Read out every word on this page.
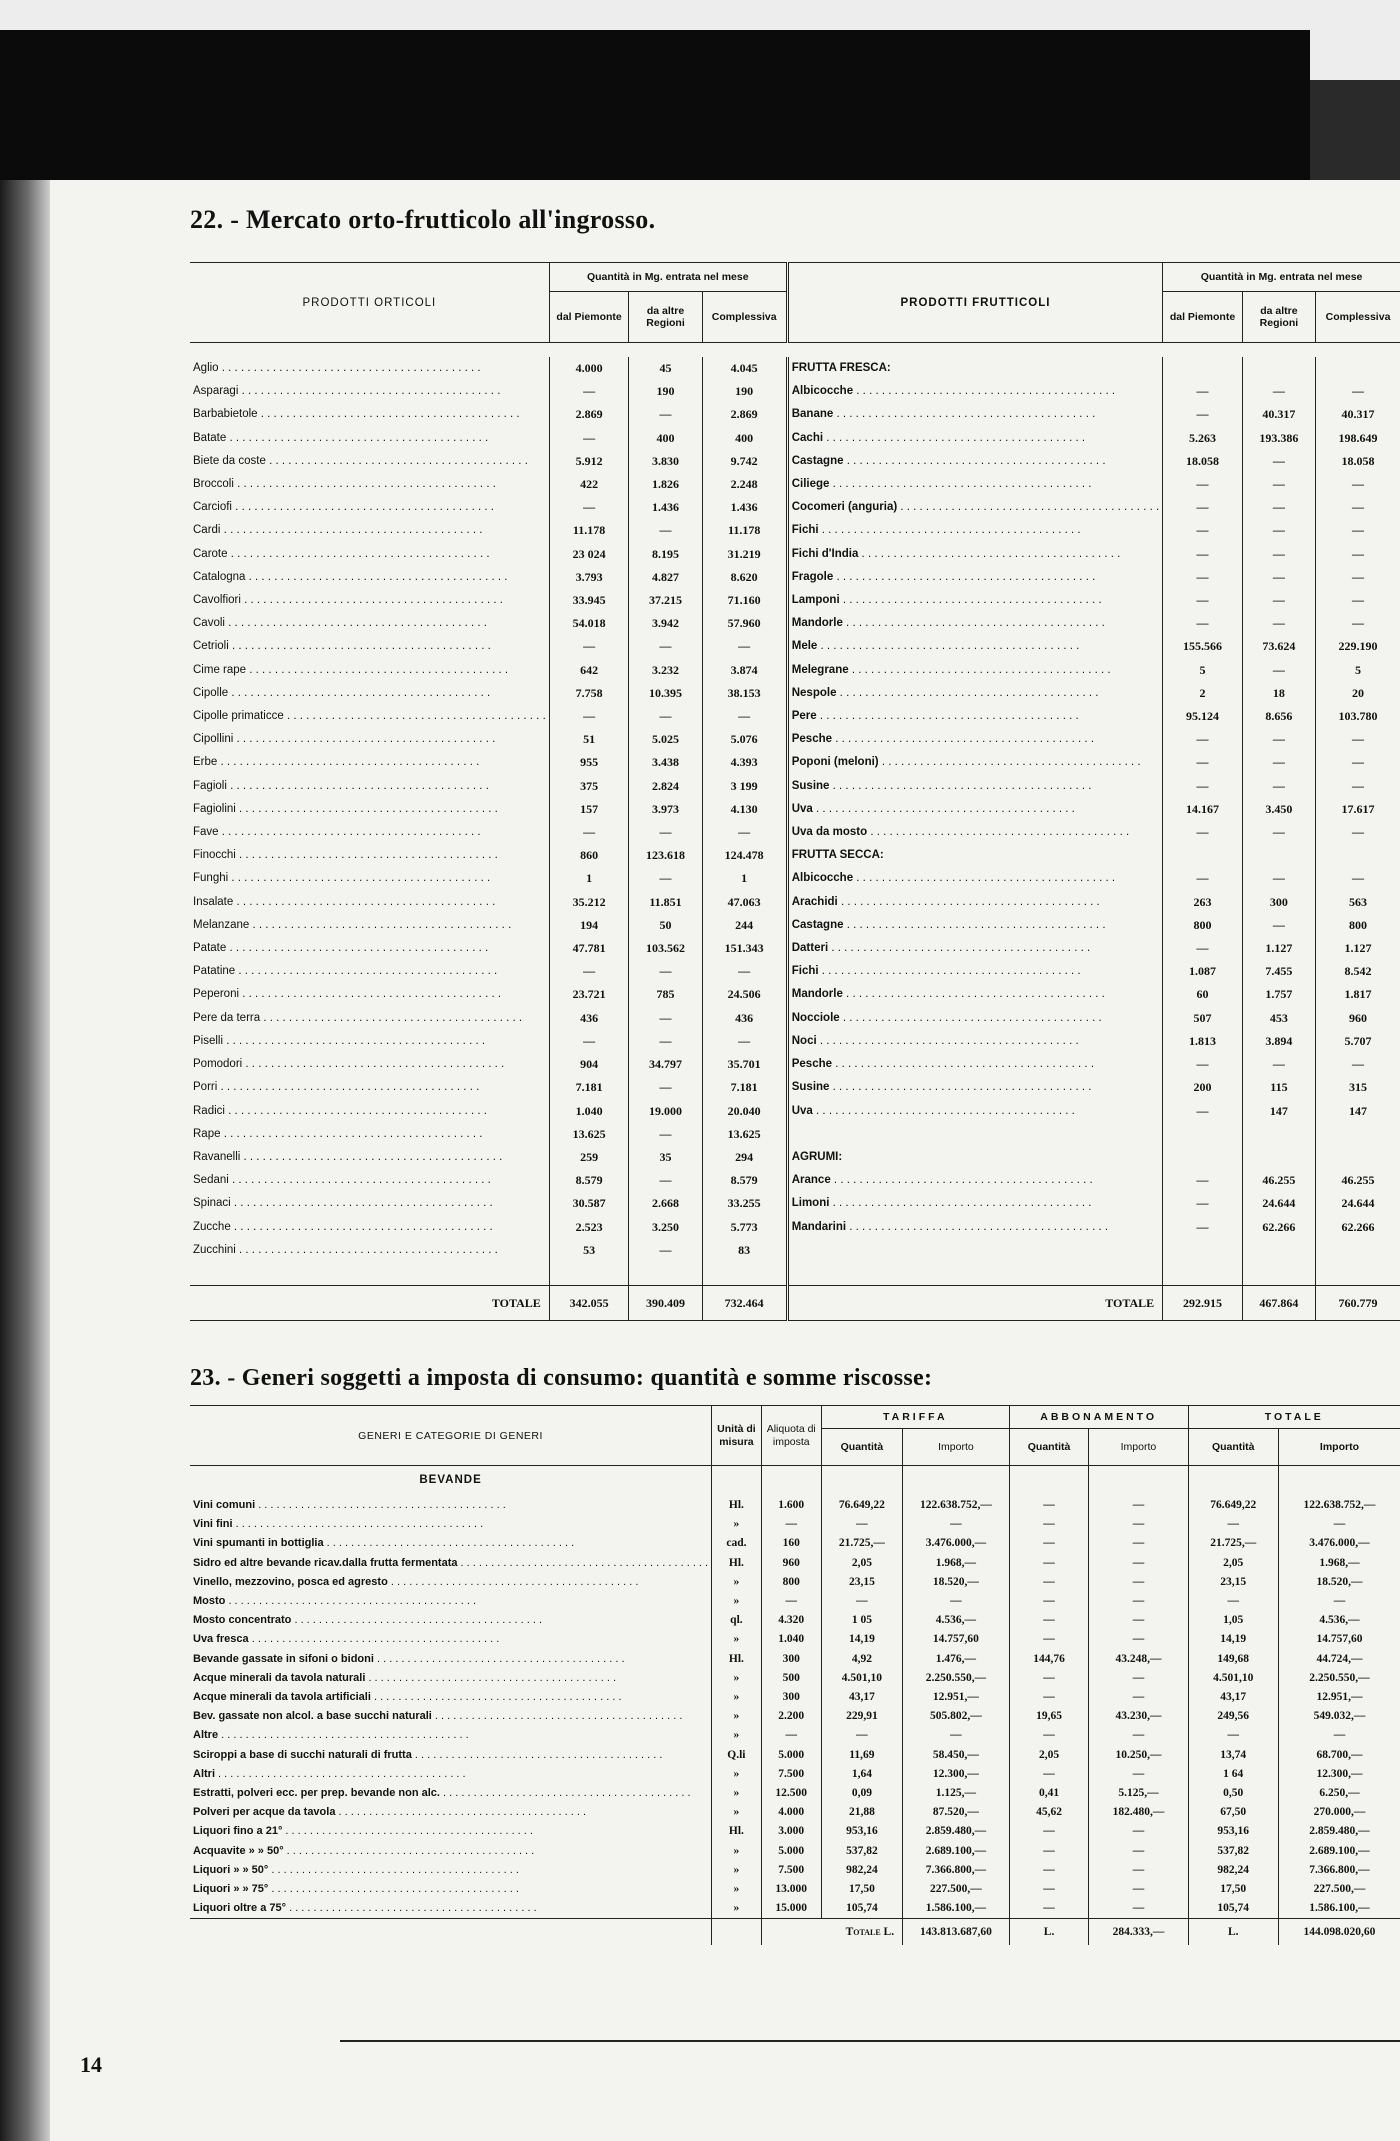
22. - Mercato orto-frutticolo all'ingrosso.
PRODOTTI ORTICOLI	Quantità in Mg. entrata nel mese			PRODOTTI FRUTTICOLI	Quantità in Mg. entrata nel mese		
	dal Piemonte	da altre Regioni	Complessiva		dal Piemonte	da altre Regioni	Complessiva

Aglio . . .	4.000	45	4.045	FRUTTA FRESCA:			
Asparagi . . .	—	190	190	Albicocche . . .	—	—	—
Barbabietole . . .	2.869	—	2.869	Banane . . .	—	40.317	40.317
Batate . . .	—	400	400	Cachi . . .	5.263	193.386	198.649
Biete da coste . . .	5.912	3.830	9.742	Castagne . . .	18.058	—	18.058
Broccoli . . .	422	1.826	2.248	Ciliege . . .	—	—	—
Carciofi . . .	—	1.436	1.436	Cocomeri (anguria) . . .	—	—	—
Cardi . . .	11.178	—	11.178	Fichi . . .	—	—	—
Carote . . .	23 024	8.195	31.219	Fichi d'India . . .	—	—	—
Catalogna . . .	3.793	4.827	8.620	Fragole . . .	—	—	—
Cavolfiori . . .	33.945	37.215	71.160	Lamponi . . .	—	—	—
Cavoli . . .	54.018	3.942	57.960	Mandorle . . .	—	—	—
Cetrioli . . .	—	—	—	Mele . . .	155.566	73.624	229.190
Cime rape . . .	642	3.232	3.874	Melegrane . . .	5	—	5
Cipolle . . .	7.758	10.395	38.153	Nespole . . .	2	18	20
Cipolle primaticce . . .	—	—	—	Pere . . .	95.124	8.656	103.780
Cipollini . . .	51	5.025	5.076	Pesche . . .	—	—	—
Erbe . . .	955	3.438	4.393	Poponi (meloni) . . .	—	—	—
Fagioli . . .	375	2.824	3 199	Susine . . .	—	—	—
Fagiolini . . .	157	3.973	4.130	Uva . . .	14.167	3.450	17.617
Fave . . .	—	—	—	Uva da mosto . . .	—	—	—
Finocchi . . .	860	123.618	124.478	FRUTTA SECCA:			
Funghi . . .	1	—	1	Albicocche . . .	—	—	—
Insalate . . .	35.212	11.851	47.063	Arachidi . . .	263	300	563
Melanzane . . .	194	50	244	Castagne . . .	800	—	800
Patate . . .	47.781	103.562	151.343	Datteri . . .	—	1.127	1.127
Patatine . . .	—	—	—	Fichi . . .	1.087	7.455	8.542
Peperoni . . .	23.721	785	24.506	Mandorle . . .	60	1.757	1.817
Pere da terra . . .	436	—	436	Nocciole . . .	507	453	960
Piselli . . .	—	—	—	Noci . . .	1.813	3.894	5.707
Pomodori . . .	904	34.797	35.701	Pesche . . .	—	—	—
Porri . . .	7.181	—	7.181	Susine . . .	200	115	315
Radici . . .	1.040	19.000	20.040	Uva . . .	—	147	147
Rape . . .	13.625	—	13.625				
Ravanelli . . .	259	35	294	AGRUMI:			
Sedani . . .	8.579	—	8.579	Arance . . .	—	46.255	46.255
Spinaci . . .	30.587	2.668	33.255	Limoni . . .	—	24.644	24.644
Zucche . . .	2.523	3.250	5.773	Mandarini . . .	—	62.266	62.266
Zucchini . . .	53	—	83				

TOTALE	342.055	390.409	732.464	TOTALE	292.915	467.864	760.779
23. - Generi soggetti a imposta di consumo: quantità e somme riscosse:
GENERI E CATEGORIE DI GENERI	Unità di misura	Aliquota di imposta	TARIFFA		ABBONAMENTO		TOTALE	
			Quantità	Importo	Quantità	Importo	Quantità	Importo
BEVANDE								
Vini comuni . . .	Hl.	1.600	76.649,22	122.638.752,—	—	—	76.649,22	122.638.752,—
Vini fini . . .	»	—	—	—	—	—	—	—
Vini spumanti in bottiglia . . .	cad.	160	21.725,—	3.476.000,—	—	—	21.725,—	3.476.000,—
Sidro ed altre bevande ricav.dalla frutta fermentata . . .	Hl.	960	2,05	1.968,—	—	—	2,05	1.968,—
Vinello, mezzovino, posca ed agresto . . .	»	800	23,15	18.520,—	—	—	23,15	18.520,—
Mosto . . .	»	—	—	—	—	—	—	—
Mosto concentrato . . .	ql.	4.320	1 05	4.536,—	—	—	1,05	4.536,—
Uva fresca . . .	»	1.040	14,19	14.757,60	—	—	14,19	14.757,60
Bevande gassate in sifoni o bidoni . . .	Hl.	300	4,92	1.476,—	144,76	43.248,—	149,68	44.724,—
Acque minerali da tavola naturali . . .	»	500	4.501,10	2.250.550,—	—	—	4.501,10	2.250.550,—
Acque minerali da tavola artificiali . . .	»	300	43,17	12.951,—	—	—	43,17	12.951,—
Bev. gassate non alcol. a base succhi naturali . . .	»	2.200	229,91	505.802,—	19,65	43.230,—	249,56	549.032,—
Altre . . .	»	—	—	—	—	—	—	—
Sciroppi a base di succhi naturali di frutta . . .	Q.li	5.000	11,69	58.450,—	2,05	10.250,—	13,74	68.700,—
Altri . . .	»	7.500	1,64	12.300,—	—	—	1 64	12.300,—
Estratti, polveri ecc. per prep. bevande non alc. . . .	»	12.500	0,09	1.125,—	0,41	5.125,—	0,50	6.250,—
Polveri per acque da tavola . . .	»	4.000	21,88	87.520,—	45,62	182.480,—	67,50	270.000,—
Liquori fino a 21° . . .	Hl.	3.000	953,16	2.859.480,—	—	—	953,16	2.859.480,—
Acquavite » » 50° . . .	»	5.000	537,82	2.689.100,—	—	—	537,82	2.689.100,—
Liquori » » 50° . . .	»	7.500	982,24	7.366.800,—	—	—	982,24	7.366.800,—
Liquori » » 75° . . .	»	13.000	17,50	227.500,—	—	—	17,50	227.500,—
Liquori oltre a 75° . . .	»	15.000	105,74	1.586.100,—	—	—	105,74	1.586.100,—
		Totale L.		143.813.687,60	L.	284.333,—	L.	144.098.020,60
14
